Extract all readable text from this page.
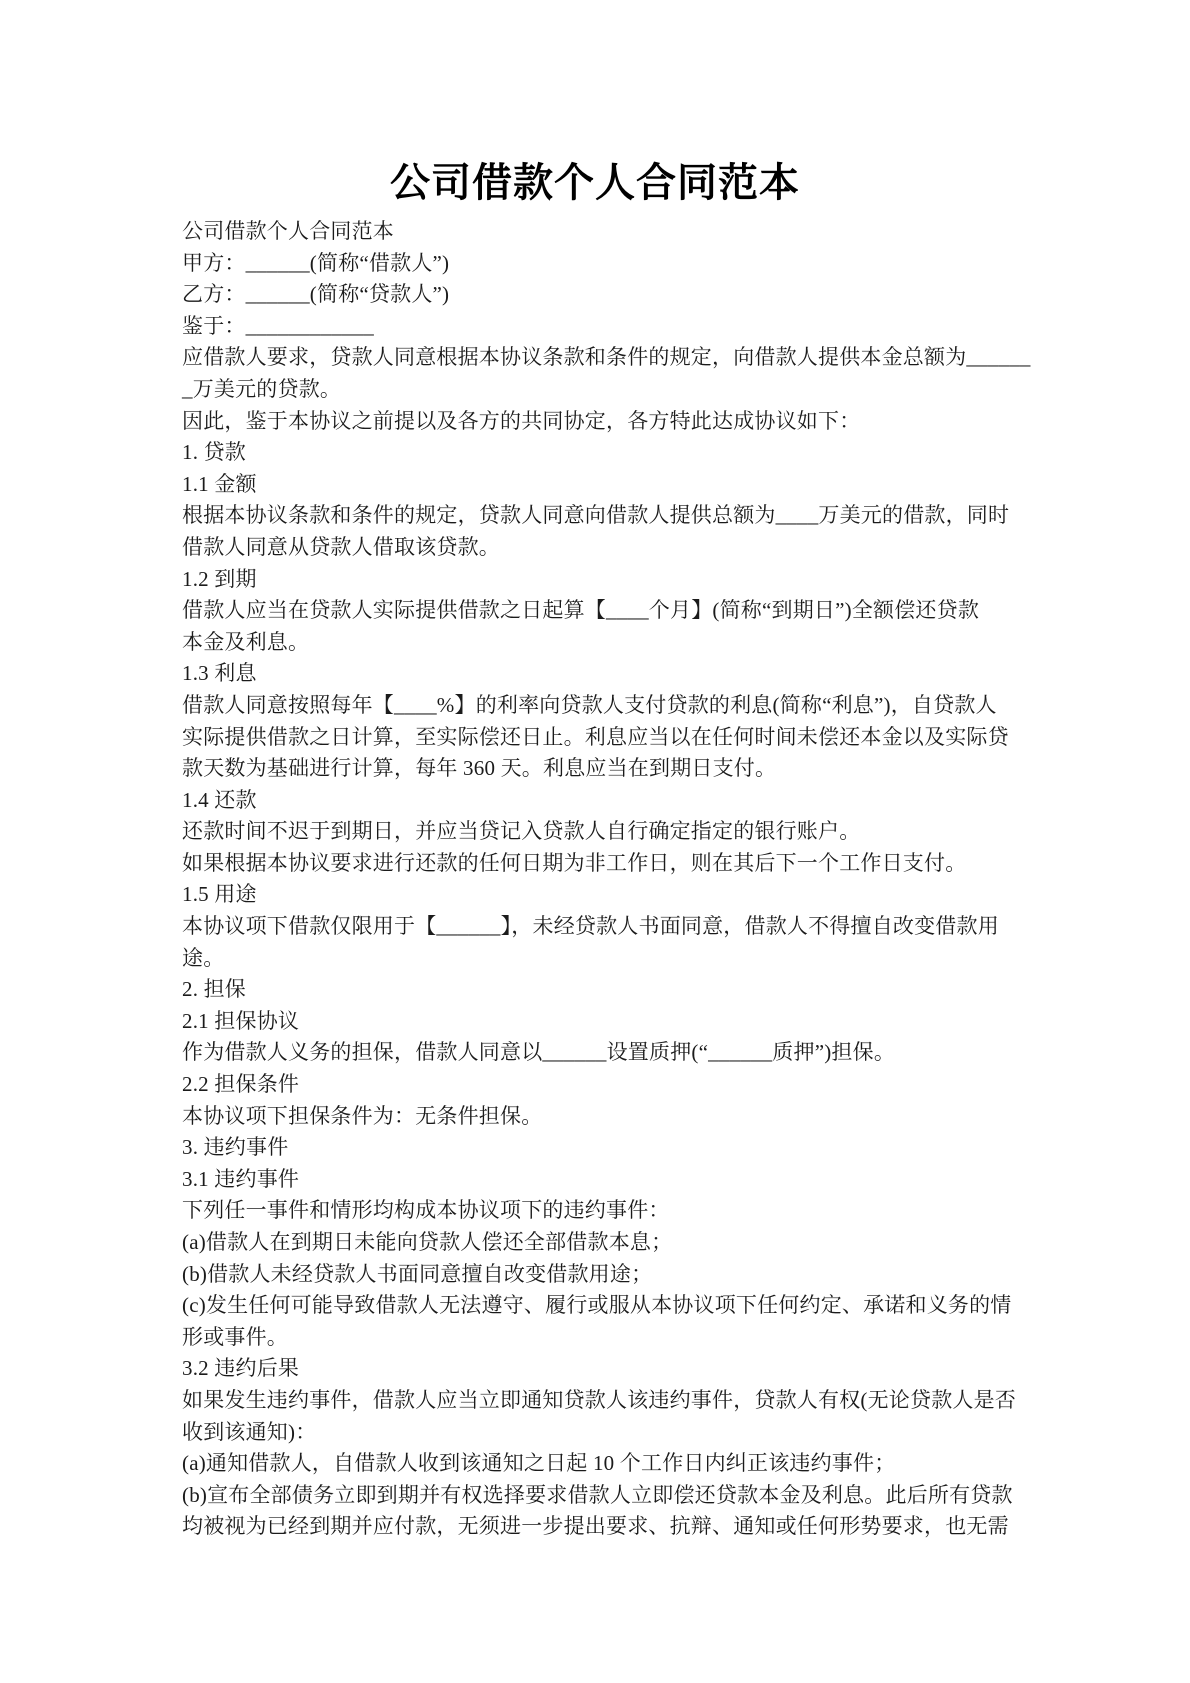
公司借款个人合同范本
公司借款个人合同范本
甲方：______(简称“借款人”)
乙方：______(简称“贷款人”)
鉴于：____________
应借款人要求，贷款人同意根据本协议条款和条件的规定，向借款人提供本金总额为______
_万美元的贷款。
因此，鉴于本协议之前提以及各方的共同协定，各方特此达成协议如下：
1. 贷款
1.1 金额
根据本协议条款和条件的规定，贷款人同意向借款人提供总额为____万美元的借款，同时
借款人同意从贷款人借取该贷款。
1.2 到期
借款人应当在贷款人实际提供借款之日起算【____个月】(简称“到期日”)全额偿还贷款
本金及利息。
1.3 利息
借款人同意按照每年【____%】的利率向贷款人支付贷款的利息(简称“利息”)，自贷款人
实际提供借款之日计算，至实际偿还日止。利息应当以在任何时间未偿还本金以及实际贷
款天数为基础进行计算，每年 360 天。利息应当在到期日支付。
1.4 还款
还款时间不迟于到期日，并应当贷记入贷款人自行确定指定的银行账户。
如果根据本协议要求进行还款的任何日期为非工作日，则在其后下一个工作日支付。
1.5 用途
本协议项下借款仅限用于【______】，未经贷款人书面同意，借款人不得擅自改变借款用
途。
2. 担保
2.1 担保协议
作为借款人义务的担保，借款人同意以______设置质押(“______质押”)担保。
2.2 担保条件
本协议项下担保条件为：无条件担保。
3. 违约事件
3.1 违约事件
下列任一事件和情形均构成本协议项下的违约事件：
(a)借款人在到期日未能向贷款人偿还全部借款本息；
(b)借款人未经贷款人书面同意擅自改变借款用途；
(c)发生任何可能导致借款人无法遵守、履行或服从本协议项下任何约定、承诺和义务的情
形或事件。
3.2 违约后果
如果发生违约事件，借款人应当立即通知贷款人该违约事件，贷款人有权(无论贷款人是否
收到该通知)：
(a)通知借款人，自借款人收到该通知之日起 10 个工作日内纠正该违约事件；
(b)宣布全部债务立即到期并有权选择要求借款人立即偿还贷款本金及利息。此后所有贷款
均被视为已经到期并应付款，无须进一步提出要求、抗辩、通知或任何形势要求，也无需
